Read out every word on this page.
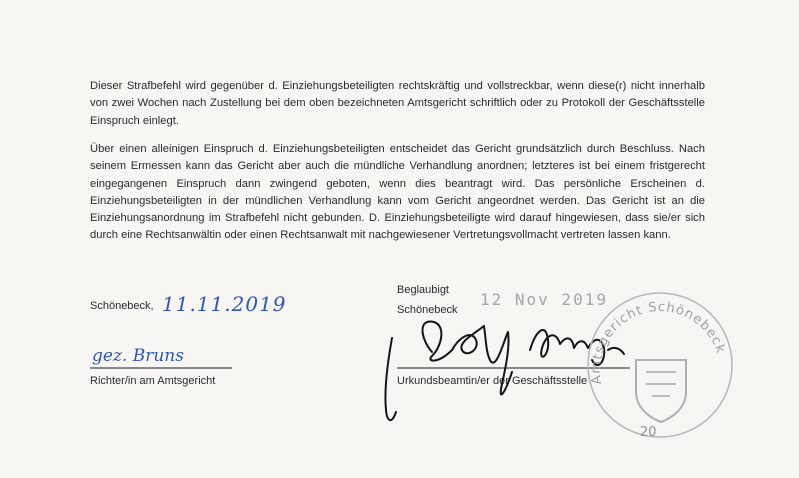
Dieser Strafbefehl wird gegenüber d. Einziehungsbeteiligten rechtskräftig und vollstreckbar, wenn diese(r) nicht innerhalb von zwei Wochen nach Zustellung bei dem oben bezeichneten Amtsgericht schriftlich oder zu Protokoll der Geschäftsstelle Einspruch einlegt.

Über einen alleinigen Einspruch d. Einziehungsbeteiligten entscheidet das Gericht grundsätzlich durch Beschluss. Nach seinem Ermessen kann das Gericht aber auch die mündliche Verhandlung anordnen; letzteres ist bei einem fristgerecht eingegangenen Einspruch dann zwingend geboten, wenn dies beantragt wird. Das persönliche Erscheinen d. Einziehungsbeteiligten in der mündlichen Verhandlung kann vom Gericht angeordnet werden. Das Gericht ist an die Einziehungsanordnung im Strafbefehl nicht gebunden. D. Einziehungsbeteiligte wird darauf hingewiesen, dass sie/er sich durch eine Rechtsanwältin oder einen Rechtsanwalt mit nachgewiesener Vertretungsvollmacht vertreten lassen kann.

Schönebeck, 11.11.2019
gez. Bruns
Richter/in am Amtsgericht
Beglaubigt
Schönebeck
12 Nov 2019
Urkundsbeamtin/er der Geschäftsstelle Amtsgericht Schönebeck
20
